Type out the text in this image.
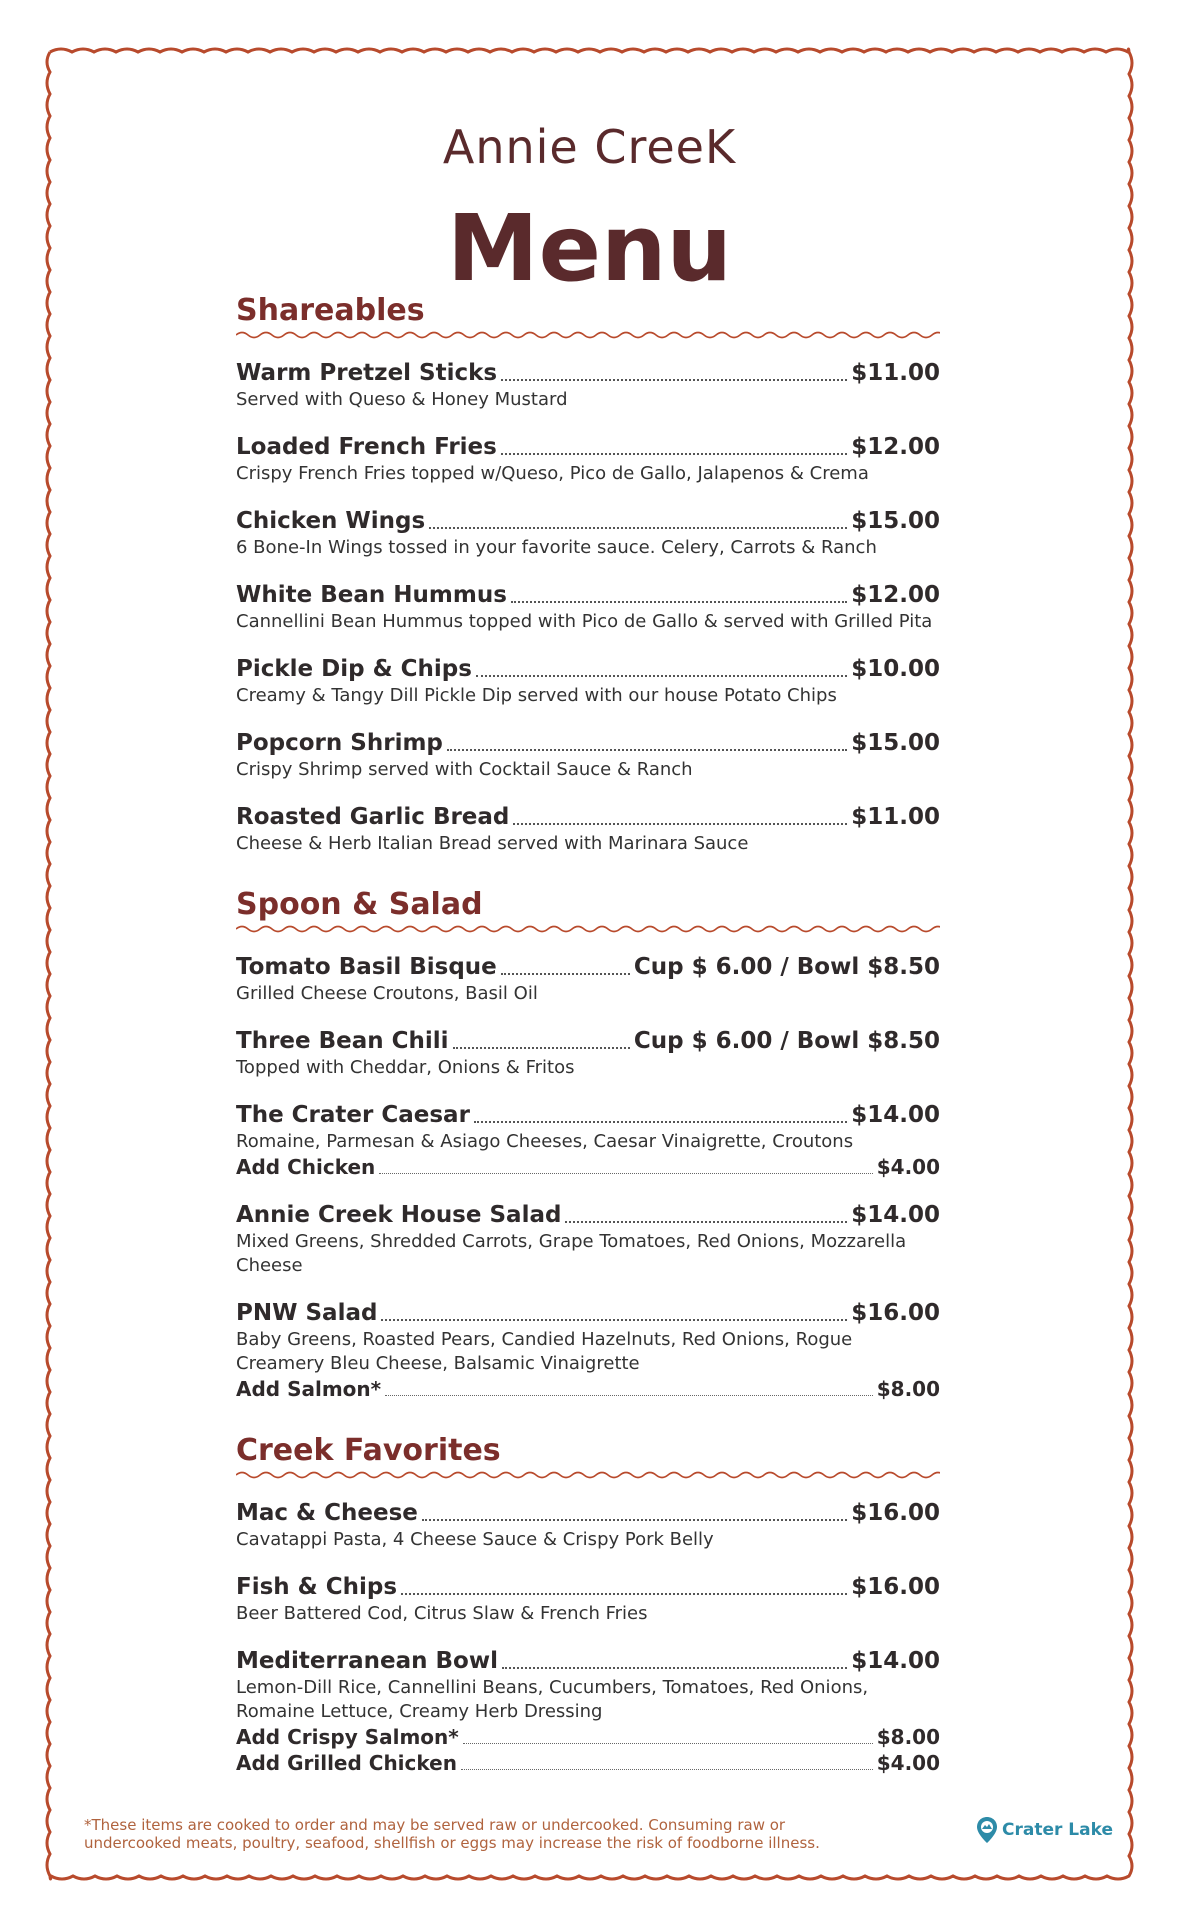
Annie CreeK
Menu
Shareables
Warm Pretzel Sticks	$11.00
Served with Queso & Honey Mustard
Loaded French Fries	$12.00
Crispy French Fries topped w/Queso, Pico de Gallo, Jalapenos & Crema
Chicken Wings	$15.00
6 Bone-In Wings tossed in your favorite sauce. Celery, Carrots & Ranch
White Bean Hummus	$12.00
Cannellini Bean Hummus topped with Pico de Gallo & served with Grilled Pita
Pickle Dip & Chips	$10.00
Creamy & Tangy Dill Pickle Dip served with our house Potato Chips
Popcorn Shrimp	$15.00
Crispy Shrimp served with Cocktail Sauce & Ranch
Roasted Garlic Bread	$11.00
Cheese & Herb Italian Bread served with Marinara Sauce
Spoon & Salad
Tomato Basil Bisque	Cup $ 6.00 / Bowl $8.50
Grilled Cheese Croutons, Basil Oil
Three Bean Chili	Cup $ 6.00 / Bowl $8.50
Topped with Cheddar, Onions & Fritos
The Crater Caesar	$14.00
Romaine, Parmesan & Asiago Cheeses, Caesar Vinaigrette, Croutons
Add Chicken	$4.00
Annie Creek House Salad	$14.00
Mixed Greens, Shredded Carrots, Grape Tomatoes, Red Onions, Mozzarella Cheese
PNW Salad	$16.00
Baby Greens, Roasted Pears, Candied Hazelnuts, Red Onions, Rogue Creamery Bleu Cheese, Balsamic Vinaigrette
Add Salmon*	$8.00
Creek Favorites
Mac & Cheese	$16.00
Cavatappi Pasta, 4 Cheese Sauce & Crispy Pork Belly
Fish & Chips	$16.00
Beer Battered Cod, Citrus Slaw & French Fries
Mediterranean Bowl	$14.00
Lemon-Dill Rice, Cannellini Beans, Cucumbers, Tomatoes, Red Onions, Romaine Lettuce, Creamy Herb Dressing
Add Crispy Salmon*	$8.00
Add Grilled Chicken	$4.00
*These items are cooked to order and may be served raw or undercooked. Consuming raw or undercooked meats, poultry, seafood, shellfish or eggs may increase the risk of foodborne illness.
Crater Lake
